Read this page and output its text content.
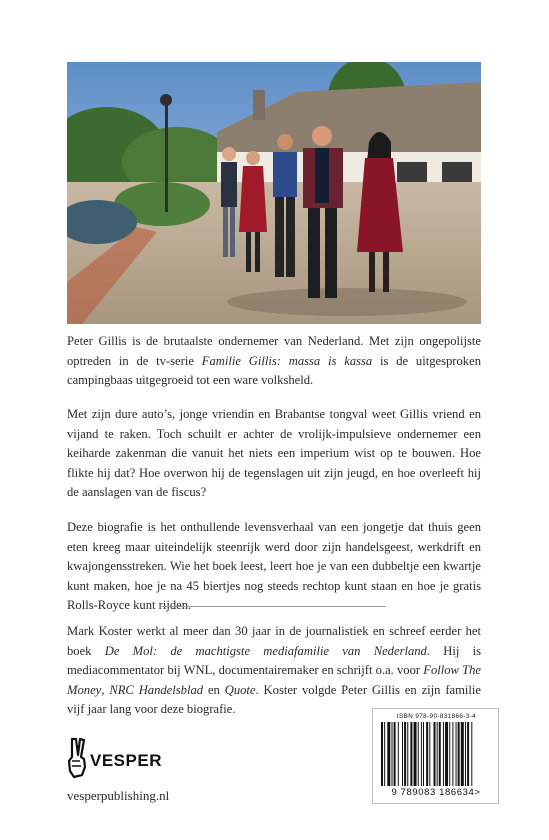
Peter Gillis is de brutaalste ondernemer van Nederland. Met zijn ongepolijste optreden in de tv-serie Familie Gillis: massa is kassa is de uitgesproken campingbaas uitgegroeid tot een ware volksheld.

Met zijn dure auto’s, jonge vriendin en Brabantse tongval weet Gillis vriend en vijand te raken. Toch schuilt er achter de vrolijk-impulsieve ondernemer een keiharde zakenman die vanuit het niets een imperium wist op te bouwen. Hoe flikte hij dat? Hoe overwon hij de tegenslagen uit zijn jeugd, en hoe overleeft hij de aanslagen van de fiscus?

Deze biografie is het onthullende levensverhaal van een jongetje dat thuis geen eten kreeg maar uiteindelijk steenrijk werd door zijn handelsgeest, werkdrift en kwajongensstreken. Wie het boek leest, leert hoe je van een dubbeltje een kwartje kunt maken, hoe je na 45 biertjes nog steeds rechtop kunt staan en hoe je gratis Rolls-Royce kunt rijden.

Mark Koster werkt al meer dan 30 jaar in de journalistiek en schreef eerder het boek De Mol: de machtigste mediafamilie van Nederland. Hij is mediacommentator bij WNL, documentairemaker en schrijft o.a. voor Follow The Money, NRC Handelsblad en Quote. Koster volgde Peter Gillis en zijn familie vijf jaar lang voor deze biografie.

VESPER
vesperpublishing.nl
ISBN 978-90-831866-3-4
9 789083 186634>
